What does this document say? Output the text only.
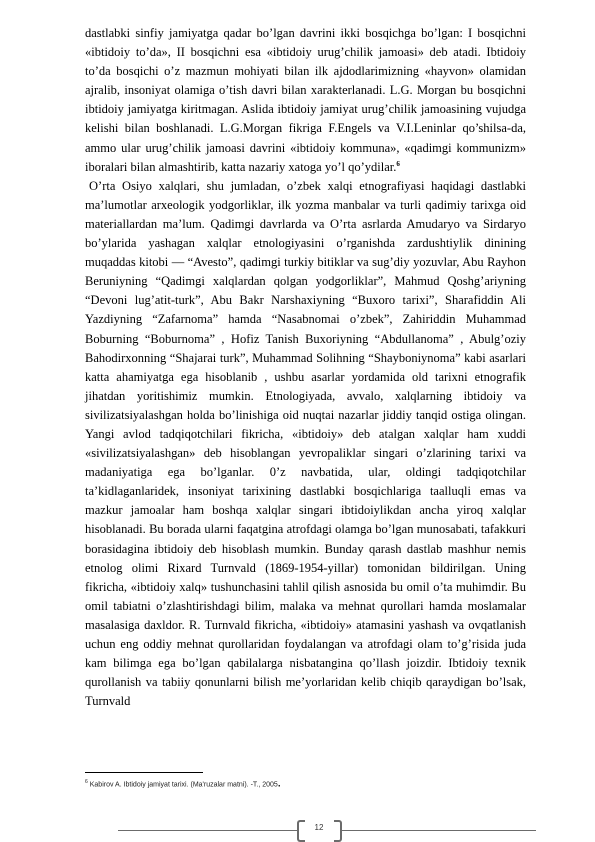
dastlabki sinfiy jamiyatga qadar bo’lgan davrini ikki bosqichga bo’lgan: I bosqichni «ibtidoiy to’da», II bosqichni esa «ibtidoiy urug’chilik jamoasi» deb atadi. Ibtidoiy to’da bosqichi o’z mazmun mohiyati bilan ilk ajdodlarimizning «hayvon» olamidan ajralib, insoniyat olamiga o’tish davri bilan xarakterlanadi. L.G. Morgan bu bosqichni ibtidoiy jamiyatga kiritmagan. Aslida ibtidoiy jamiyat urug’chilik jamoasining vujudga kelishi bilan boshlanadi. L.G.Morgan fikriga F.Engels va V.I.Leninlar qo’shilsa-da, ammo ular urug’chilik jamoasi davrini «ibtidoiy kommuna», «qadimgi kommunizm» iboralari bilan almashtirib, katta nazariy xatoga yo’l qo’ydilar.$^6$

O’rta Osiyo xalqlari, shu jumladan, o’zbek xalqi etnografiyasi haqidagi dastlabki ma’lumotlar arxeologik yodgorliklar, ilk yozma manbalar va turli qadimiy tarixga oid materiallardan ma’lum. Qadimgi davrlarda va O’rta asrlarda Amudaryo va Sirdaryo bo’ylarida yashagan xalqlar etnologiyasini o’rganishda zardushtiylik dinining muqaddas kitobi — “Avesto”, qadimgi turkiy bitiklar va sug’diy yozuvlar, Abu Rayhon Beruniyning “Qadimgi xalqlardan qolgan yodgorliklar”, Mahmud Qoshg’ariyning “Devoni lug’atit-turk”, Abu Bakr Narshaxiyning “Buxoro tarixi”, Sharafiddin Ali Yazdiyning “Zafarnoma” hamda “Nasabnomai o’zbek”, Zahiriddin Muhammad Boburning “Boburnoma” , Hofiz Tanish Buxoriyning “Abdullanoma” , Abulg’oziy Bahodirxonning “Shajarai turk”, Muhammad Solihning “Shayboniynoma” kabi asarlari katta ahamiyatga ega hisoblanib , ushbu asarlar yordamida old tarixni etnografik jihatdan yoritishimiz mumkin. Etnologiyada, avvalo, xalqlarning ibtidoiy va sivilizatsiyalashgan holda bo’linishiga oid nuqtai nazarlar jiddiy tanqid ostiga olingan. Yangi avlod tadqiqotchilari fikricha, «ibtidoiy» deb atalgan xalqlar ham xuddi «sivilizatsiyalashgan» deb hisoblangan yevropaliklar singari o’zlarining tarixi va madaniyatiga ega bo’lganlar. 0’z navbatida, ular, oldingi tadqiqotchilar ta’kidlaganlaridek, insoniyat tarixining dastlabki bosqichlariga taalluqli emas va mazkur jamoalar ham boshqa xalqlar singari ibtidoiylikdan ancha yiroq xalqlar hisoblanadi. Bu borada ularni faqatgina atrofdagi olamga bo’lgan munosabati, tafakkuri borasidagina ibtidoiy deb hisoblash mumkin. Bunday qarash dastlab mashhur nemis etnolog olimi Rixard Turnvald (1869-1954-yillar) tomonidan bildirilgan. Uning fikricha, «ibtidoiy xalq» tushunchasini tahlil qilish asnosida bu omil o’ta muhimdir. Bu omil tabiatni o’zlashtirishdagi bilim, malaka va mehnat qurollari hamda moslamalar masalasiga daxldor. R. Turnvald fikricha, «ibtidoiy» atamasini yashash va ovqatlanish uchun eng oddiy mehnat qurollaridan foydalangan va atrofdagi olam to’g’risida juda kam bilimga ega bo’lgan qabilalarga nisbatangina qo’llash joizdir. Ibtidoiy texnik qurollanish va tabiiy qonunlarni bilish me’yorlaridan kelib chiqib qaraydigan bo’lsak, Turnvald

$^6$ Kabirov A. Ibtidoiy jamiyat tarixi. (Ma'ruzalar matni). -T., 2005.
12
